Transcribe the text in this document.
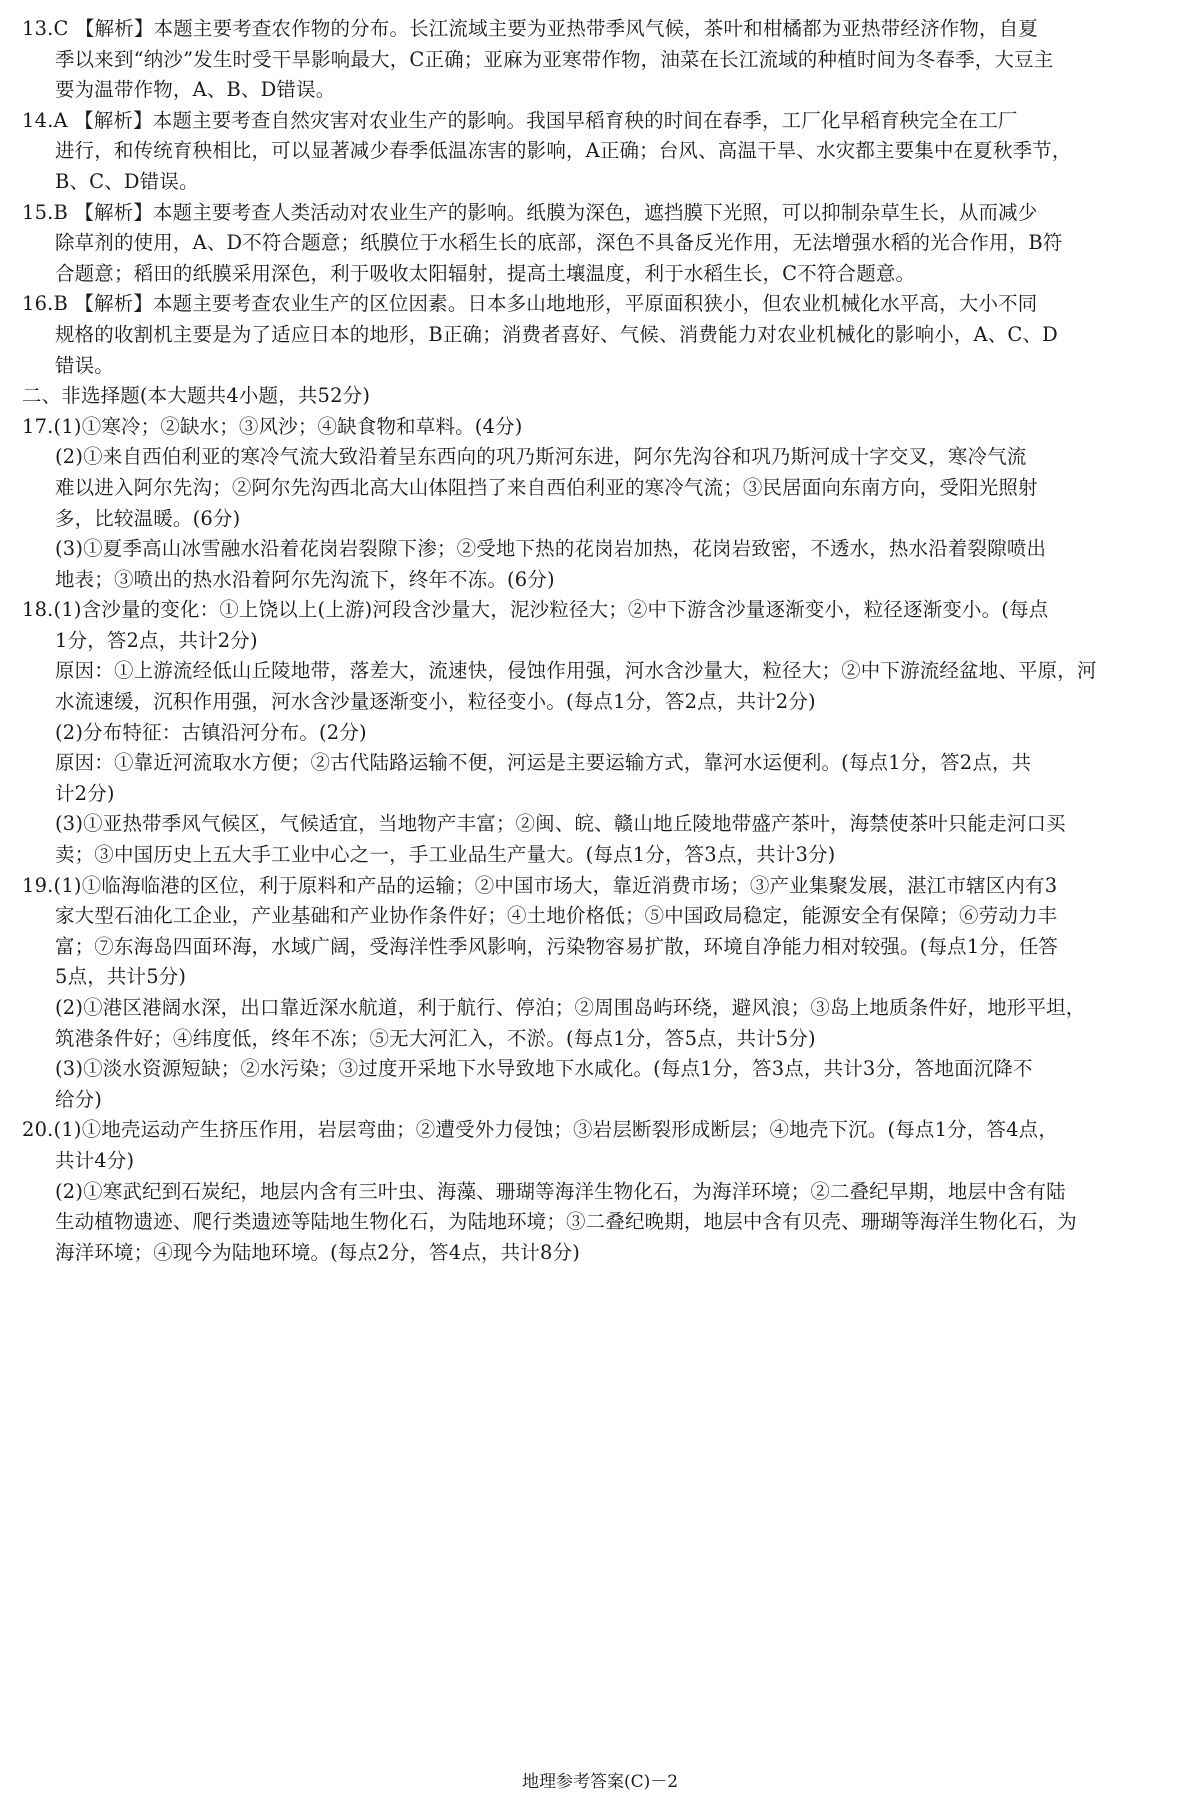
13.C 【解析】本题主要考查农作物的分布。长江流域主要为亚热带季风气候，茶叶和柑橘都为亚热带经济作物，自夏
季以来到“纳沙”发生时受干旱影响最大，C正确；亚麻为亚寒带作物，油菜在长江流域的种植时间为冬春季，大豆主
要为温带作物，A、B、D错误。
14.A 【解析】本题主要考查自然灾害对农业生产的影响。我国早稻育秧的时间在春季，工厂化早稻育秧完全在工厂
进行，和传统育秧相比，可以显著减少春季低温冻害的影响，A正确；台风、高温干旱、水灾都主要集中在夏秋季节，
B、C、D错误。
15.B 【解析】本题主要考查人类活动对农业生产的影响。纸膜为深色，遮挡膜下光照，可以抑制杂草生长，从而减少
除草剂的使用，A、D不符合题意；纸膜位于水稻生长的底部，深色不具备反光作用，无法增强水稻的光合作用，B符
合题意；稻田的纸膜采用深色，利于吸收太阳辐射，提高土壤温度，利于水稻生长，C不符合题意。
16.B 【解析】本题主要考查农业生产的区位因素。日本多山地地形，平原面积狭小，但农业机械化水平高，大小不同
规格的收割机主要是为了适应日本的地形，B正确；消费者喜好、气候、消费能力对农业机械化的影响小，A、C、D
错误。
二、非选择题(本大题共4小题，共52分)
17.(1)①寒冷；②缺水；③风沙；④缺食物和草料。(4分)
(2)①来自西伯利亚的寒冷气流大致沿着呈东西向的巩乃斯河东进，阿尔先沟谷和巩乃斯河成十字交叉，寒冷气流
难以进入阿尔先沟；②阿尔先沟西北高大山体阻挡了来自西伯利亚的寒冷气流；③民居面向东南方向，受阳光照射
多，比较温暖。(6分)
(3)①夏季高山冰雪融水沿着花岗岩裂隙下渗；②受地下热的花岗岩加热，花岗岩致密，不透水，热水沿着裂隙喷出
地表；③喷出的热水沿着阿尔先沟流下，终年不冻。(6分)
18.(1)含沙量的变化：①上饶以上(上游)河段含沙量大，泥沙粒径大；②中下游含沙量逐渐变小，粒径逐渐变小。(每点
1分，答2点，共计2分)
原因：①上游流经低山丘陵地带，落差大，流速快，侵蚀作用强，河水含沙量大，粒径大；②中下游流经盆地、平原，河
水流速缓，沉积作用强，河水含沙量逐渐变小，粒径变小。(每点1分，答2点，共计2分)
(2)分布特征：古镇沿河分布。(2分)
原因：①靠近河流取水方便；②古代陆路运输不便，河运是主要运输方式，靠河水运便利。(每点1分，答2点，共
计2分)
(3)①亚热带季风气候区，气候适宜，当地物产丰富；②闽、皖、赣山地丘陵地带盛产茶叶，海禁使茶叶只能走河口买
卖；③中国历史上五大手工业中心之一，手工业品生产量大。(每点1分，答3点，共计3分)
19.(1)①临海临港的区位，利于原料和产品的运输；②中国市场大，靠近消费市场；③产业集聚发展，湛江市辖区内有3
家大型石油化工企业，产业基础和产业协作条件好；④土地价格低；⑤中国政局稳定，能源安全有保障；⑥劳动力丰
富；⑦东海岛四面环海，水域广阔，受海洋性季风影响，污染物容易扩散，环境自净能力相对较强。(每点1分，任答
5点，共计5分)
(2)①港区港阔水深，出口靠近深水航道，利于航行、停泊；②周围岛屿环绕，避风浪；③岛上地质条件好，地形平坦，
筑港条件好；④纬度低，终年不冻；⑤无大河汇入，不淤。(每点1分，答5点，共计5分)
(3)①淡水资源短缺；②水污染；③过度开采地下水导致地下水咸化。(每点1分，答3点，共计3分，答地面沉降不
给分)
20.(1)①地壳运动产生挤压作用，岩层弯曲；②遭受外力侵蚀；③岩层断裂形成断层；④地壳下沉。(每点1分，答4点，
共计4分)
(2)①寒武纪到石炭纪，地层内含有三叶虫、海藻、珊瑚等海洋生物化石，为海洋环境；②二叠纪早期，地层中含有陆
生动植物遗迹、爬行类遗迹等陆地生物化石，为陆地环境；③二叠纪晚期，地层中含有贝壳、珊瑚等海洋生物化石，为
海洋环境；④现今为陆地环境。(每点2分，答4点，共计8分)
地理参考答案(C)－2
